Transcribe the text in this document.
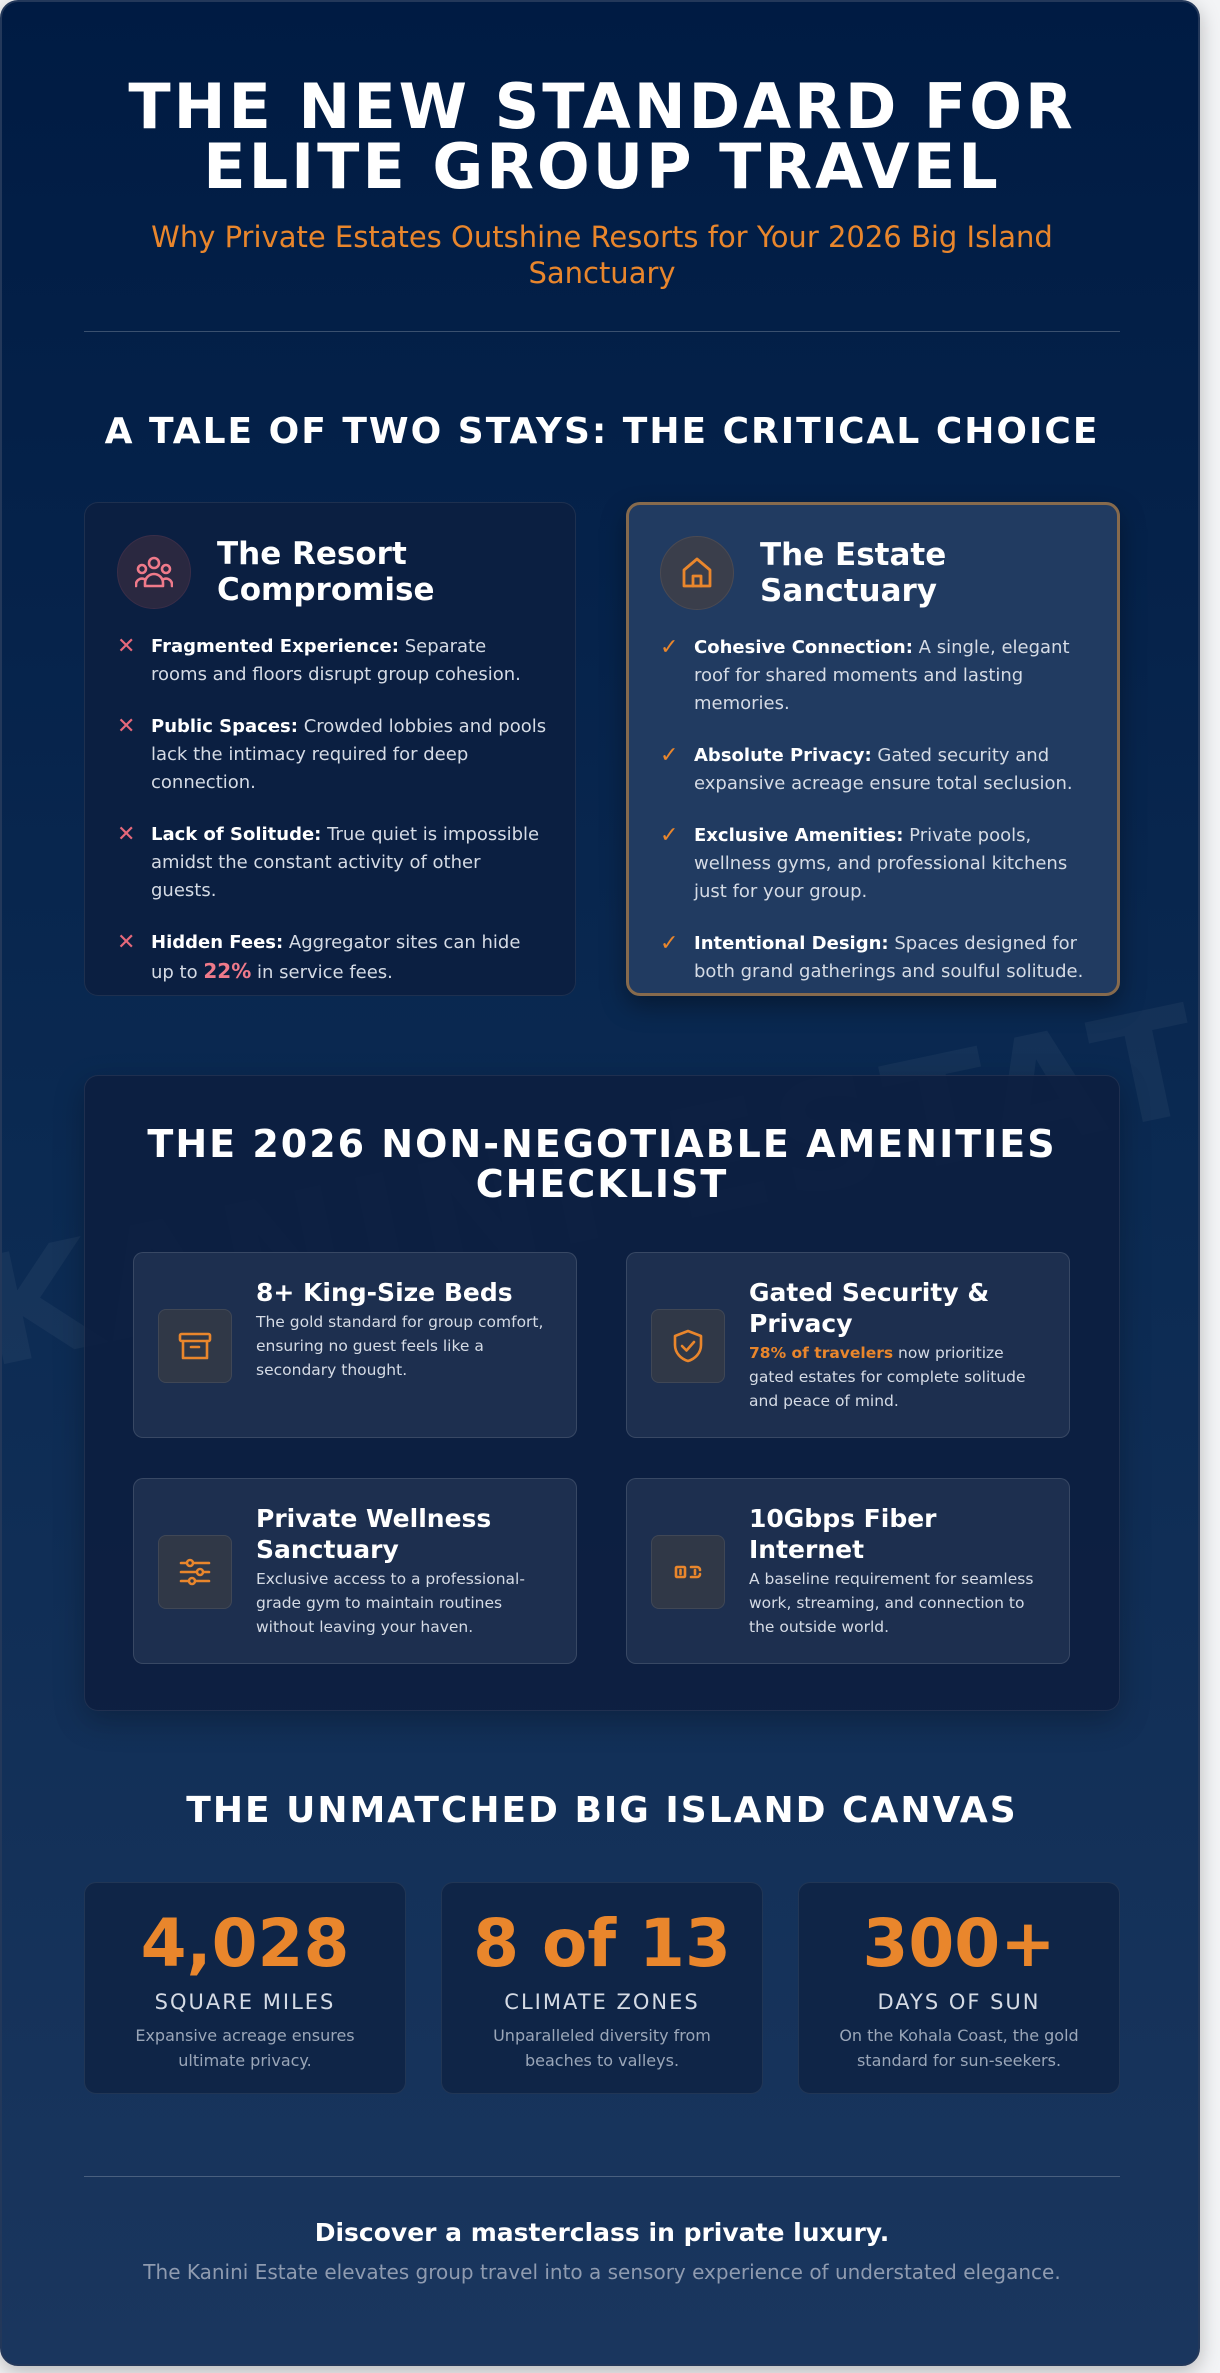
THE NEW STANDARD FOR
ELITE GROUP TRAVEL
Why Private Estates Outshine Resorts for Your 2026 Big Island Sanctuary
A TALE OF TWO STAYS: THE CRITICAL CHOICE
The Resort Compromise
✕ Fragmented Experience: Separate rooms and floors disrupt group cohesion.
✕ Public Spaces: Crowded lobbies and pools lack the intimacy required for deep connection.
✕ Lack of Solitude: True quiet is impossible amidst the constant activity of other guests.
✕ Hidden Fees: Aggregator sites can hide up to 22% in service fees.
The Estate Sanctuary
✓ Cohesive Connection: A single, elegant roof for shared moments and lasting memories.
✓ Absolute Privacy: Gated security and expansive acreage ensure total seclusion.
✓ Exclusive Amenities: Private pools, wellness gyms, and professional kitchens just for your group.
✓ Intentional Design: Spaces designed for both grand gatherings and soulful solitude.
THE 2026 NON-NEGOTIABLE AMENITIES
CHECKLIST
8+ King-Size Beds
The gold standard for group comfort, ensuring no guest feels like a secondary thought.
Gated Security & Privacy
78% of travelers now prioritize gated estates for complete solitude and peace of mind.
Private Wellness Sanctuary
Exclusive access to a professional-grade gym to maintain routines without leaving your haven.
10Gbps Fiber Internet
A baseline requirement for seamless work, streaming, and connection to the outside world.
THE UNMATCHED BIG ISLAND CANVAS
4,028
SQUARE MILES
Expansive acreage ensures ultimate privacy.
8 of 13
CLIMATE ZONES
Unparalleled diversity from beaches to valleys.
300+
DAYS OF SUN
On the Kohala Coast, the gold standard for sun-seekers.
Discover a masterclass in private luxury.
The Kanini Estate elevates group travel into a sensory experience of understated elegance.
